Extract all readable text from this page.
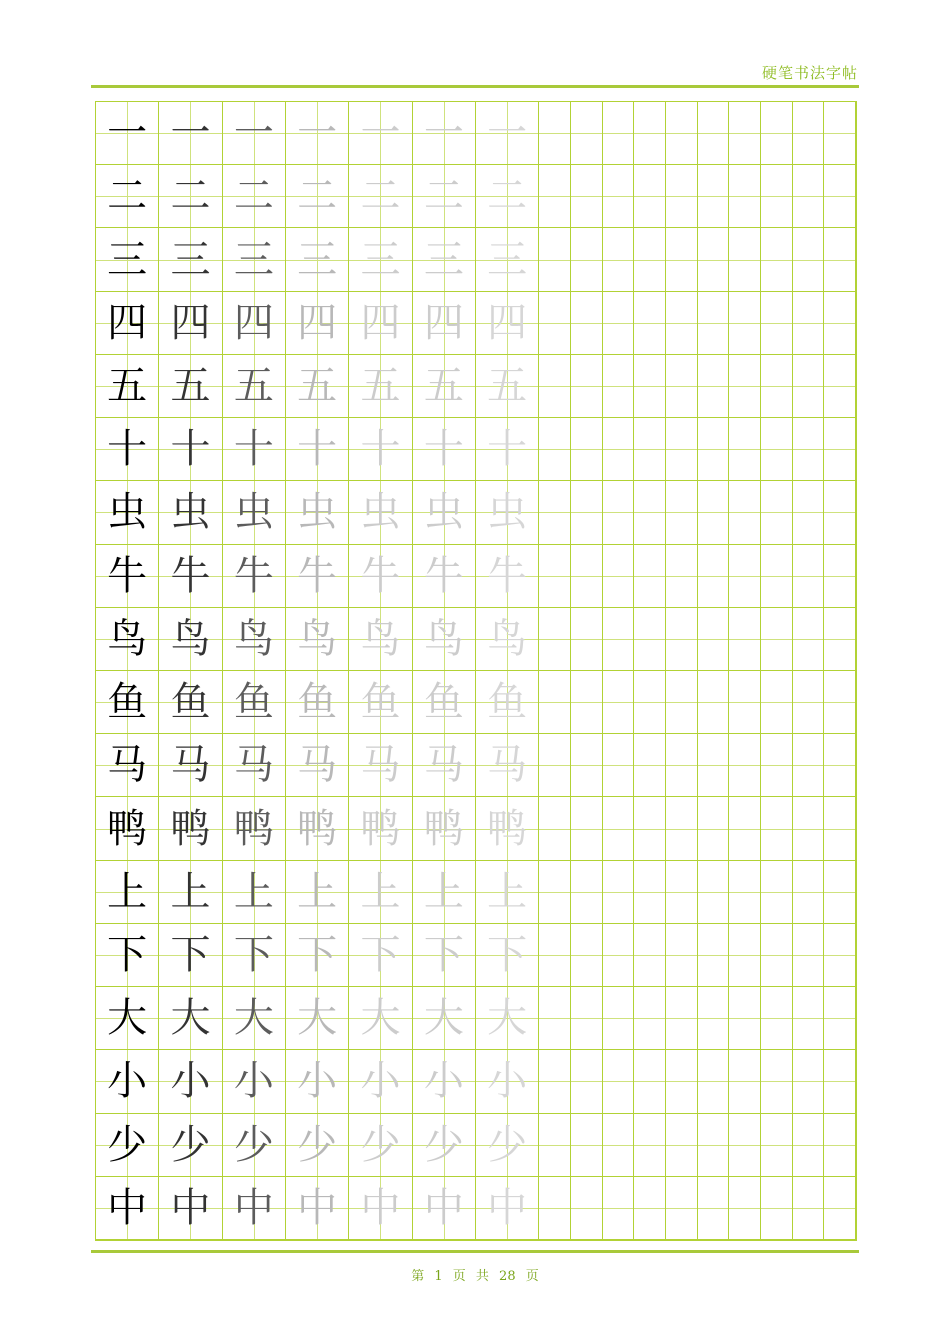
硬笔书法字帖
一 一 一 一 一 一 一
二 二 二 二 二 二 二
三 三 三 三 三 三 三
四 四 四 四 四 四 四
五 五 五 五 五 五 五
十 十 十 十 十 十 十
虫 虫 虫 虫 虫 虫 虫
牛 牛 牛 牛 牛 牛 牛
鸟 鸟 鸟 鸟 鸟 鸟 鸟
鱼 鱼 鱼 鱼 鱼 鱼 鱼
马 马 马 马 马 马 马
鸭 鸭 鸭 鸭 鸭 鸭 鸭
上 上 上 上 上 上 上
下 下 下 下 下 下 下
大 大 大 大 大 大 大
小 小 小 小 小 小 小
少 少 少 少 少 少 少
中 中 中 中 中 中 中
第 1 页 共 28 页
